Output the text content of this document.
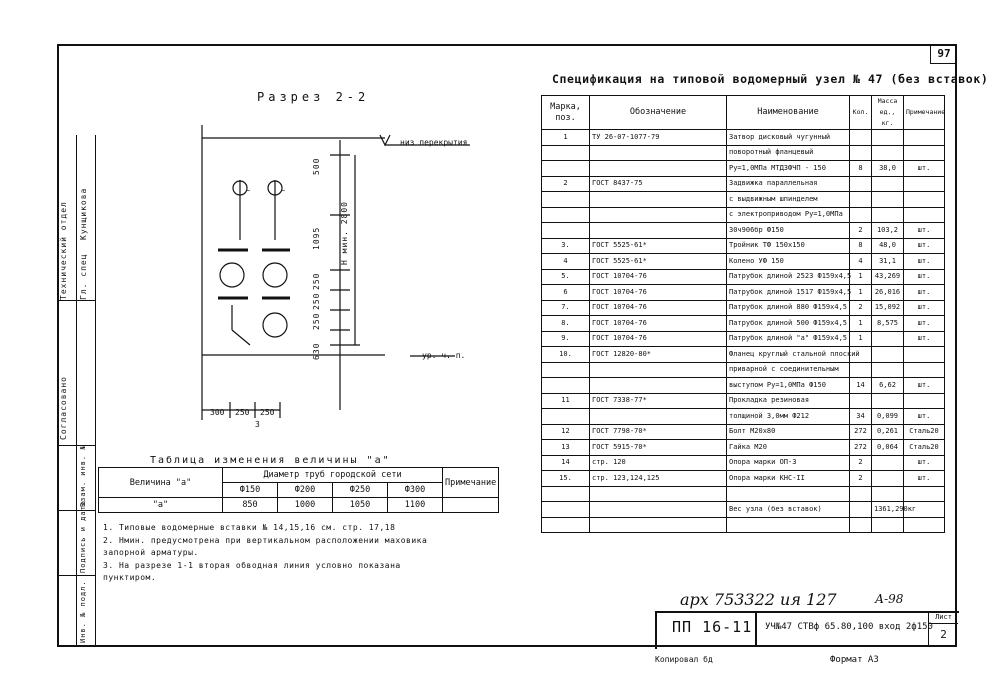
97
Технический отдел Гл. спец
Кунщикова
Согласовано
Взам. инв. №
Подпись и дата
Инв. № подл.
Разрез 2-2
~	~
низ перекрытия
ур. ч. п.
500
1095
250
250
250
630
H мин. 2800
300 250 250
3
Спецификация на типовой водомерный узел № 47 (без вставок)
Марка, поз.	Обозначение	Наименование	Кол.	Масса ед., кг.	Примечание
1	ТУ 26-07-1077-79	Затвор дисковый чугунный			
		поворотный фланцевый			
		Ру=1,0МПа МТД3ФЧП - 150	8	38,0	шт.
2	ГОСТ 8437-75	Задвижка параллельная			
		с выдвижным шпинделем			
		с электроприводом Ру=1,0МПа			
		30ч906бр Ф150	2	103,2	шт.
3.	ГОСТ 5525-61*	Тройник ТФ 150х150	8	48,0	шт.
4	ГОСТ 5525-61*	Колено УФ 150	4	31,1	шт.
5.	ГОСТ 10704-76	Патрубок длиной 2523 Ф159х4,5	1	43,269	шт.
6	ГОСТ 10704-76	Патрубок длиной 1517 Ф159х4,5	1	26,016	шт.
7.	ГОСТ 10704-76	Патрубок длиной 880 Ф159х4,5	2	15,092	шт.
8.	ГОСТ 10704-76	Патрубок длиной 500 Ф159х4,5	1	8,575	шт.
9.	ГОСТ 10704-76	Патрубок длиной "a" Ф159х4,5	1		шт.
10.	ГОСТ 12820-80*	Фланец круглый стальной плоский			
		приварной с соединительным			
		выступом Ру=1,0МПа Ф150	14	6,62	шт.
11	ГОСТ 7338-77*	Прокладка резиновая			
		толщиной 3,0мм Ф212	34	0,099	шт.
12	ГОСТ 7798-70*	Болт М20х80	272	0,261	Сталь20
13	ГОСТ 5915-70*	Гайка М20	272	0,064	Сталь20
14	стр. 120	Опора марки ОП-3	2		шт.
15.	стр. 123,124,125	Опора марки КНС-II	2		шт.

		Вес узла (без вставок)		1361,290кг	

Таблица изменения величины "a"
Величина "a"	Диаметр труб городской сети				Примечание
	Ф150	Ф200	Ф250	Ф300	
"a"	850	1000	1050	1100	
1. Типовые водомерные вставки № 14,15,16 см. стр. 17,18
2. Нмин. предусмотрена при вертикальном расположении маховика
запорной арматуры.
3. На разрезе 1-1 вторая обводная линия условно показана
пунктиром.
арх 753322 ия 127	А-98
ПП 16-11 УЧ№47 СТВф 65.80,100 вход 2ф150
Лист
2
Копировал бд	Формат А3
